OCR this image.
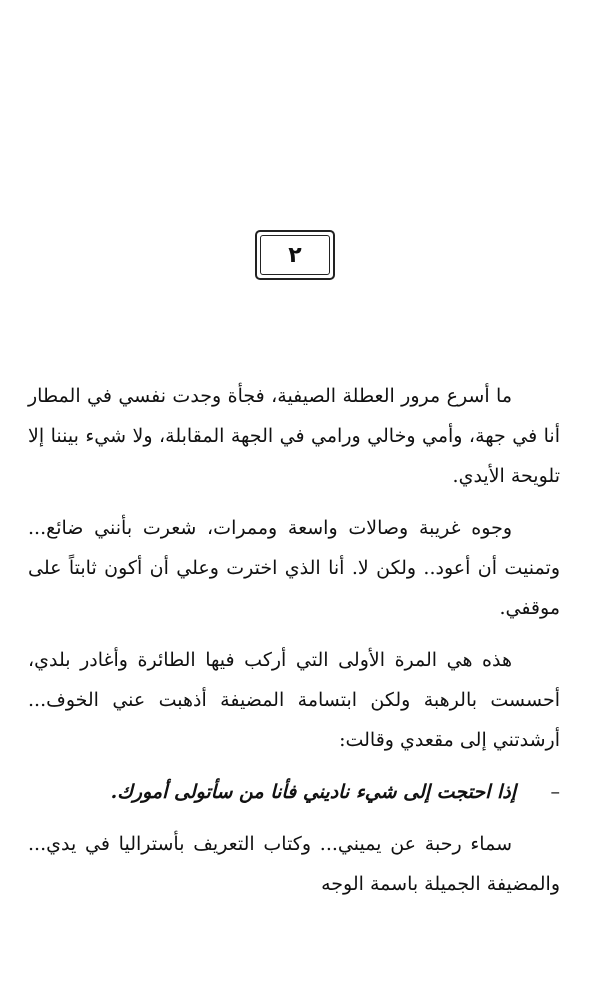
٢

ما أسرع مرور العطلة الصيفية، فجأة وجدت نفسي في المطار أنا في جهة، وأمي وخالي ورامي في الجهة المقابلة، ولا شيء بيننا إلا تلويحة الأيدي.

وجوه غريبة وصالات واسعة وممرات، شعرت بأنني ضائع... وتمنيت أن أعود.. ولكن لا. أنا الذي اخترت وعلي أن أكون ثابتاً على موقفي.

هذه هي المرة الأولى التي أركب فيها الطائرة وأغادر بلدي، أحسست بالرهبة ولكن ابتسامة المضيفة أذهبت عني الخوف... أرشدتني إلى مقعدي وقالت:

–
إذا احتجت إلى شيء ناديني فأنا من سأتولى أمورك.

سماء رحبة عن يميني... وكتاب التعريف بأستراليا في يدي... والمضيفة الجميلة باسمة الوجه
